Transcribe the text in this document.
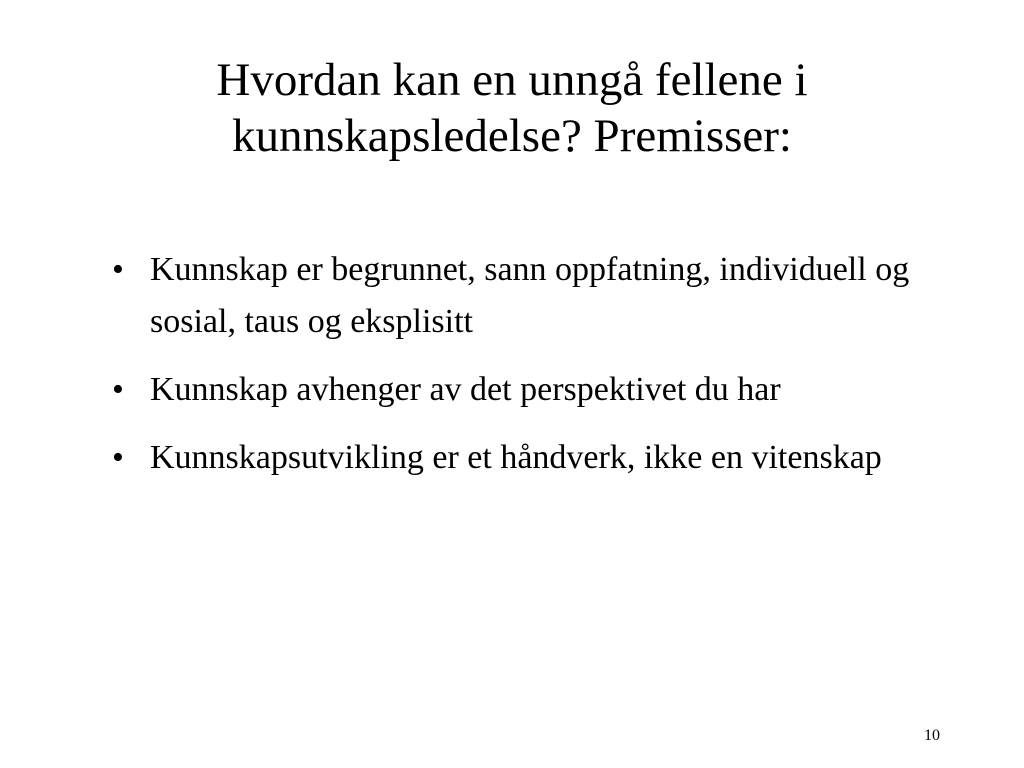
Hvordan kan en unngå fellene i kunnskapsledelse? Premisser:
• Kunnskap er begrunnet, sann oppfatning, individuell og sosial, taus og eksplisitt
• Kunnskap avhenger av det perspektivet du har
• Kunnskapsutvikling er et håndverk, ikke en vitenskap
10
